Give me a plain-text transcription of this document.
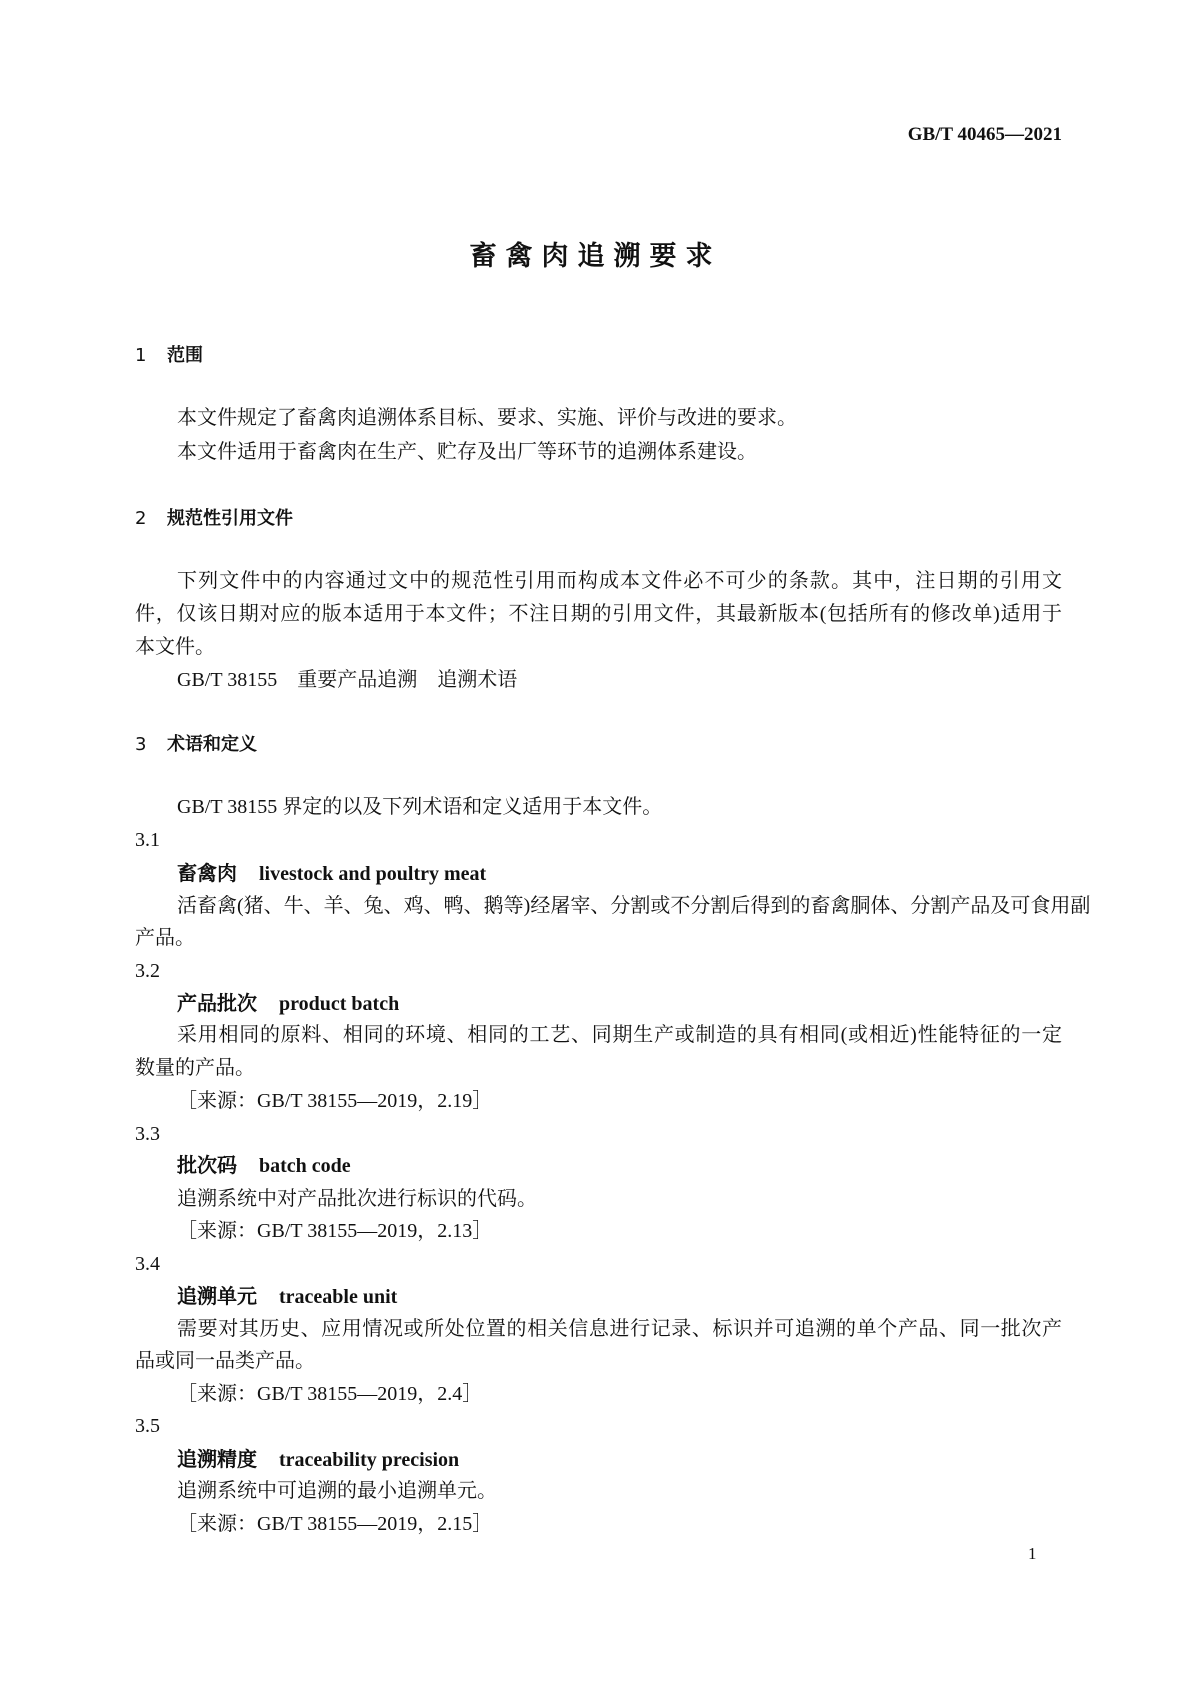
GB/T 40465—2021
畜禽肉追溯要求
1 范围
本文件规定了畜禽肉追溯体系目标、要求、实施、评价与改进的要求。
本文件适用于畜禽肉在生产、贮存及出厂等环节的追溯体系建设。
2 规范性引用文件
下列文件中的内容通过文中的规范性引用而构成本文件必不可少的条款。其中，注日期的引用文
件，仅该日期对应的版本适用于本文件；不注日期的引用文件，其最新版本(包括所有的修改单)适用于
本文件。
GB/T 38155　重要产品追溯　追溯术语
3 术语和定义
GB/T 38155 界定的以及下列术语和定义适用于本文件。
3.1
畜禽肉 livestock and poultry meat
活畜禽(猪、牛、羊、兔、鸡、鸭、鹅等)经屠宰、分割或不分割后得到的畜禽胴体、分割产品及可食用副
产品。
3.2
产品批次 product batch
采用相同的原料、相同的环境、相同的工艺、同期生产或制造的具有相同(或相近)性能特征的一定
数量的产品。
［来源：GB/T 38155—2019，2.19］
3.3
批次码 batch code
追溯系统中对产品批次进行标识的代码。
［来源：GB/T 38155—2019，2.13］
3.4
追溯单元 traceable unit
需要对其历史、应用情况或所处位置的相关信息进行记录、标识并可追溯的单个产品、同一批次产
品或同一品类产品。
［来源：GB/T 38155—2019，2.4］
3.5
追溯精度 traceability precision
追溯系统中可追溯的最小追溯单元。
［来源：GB/T 38155—2019，2.15］
1
